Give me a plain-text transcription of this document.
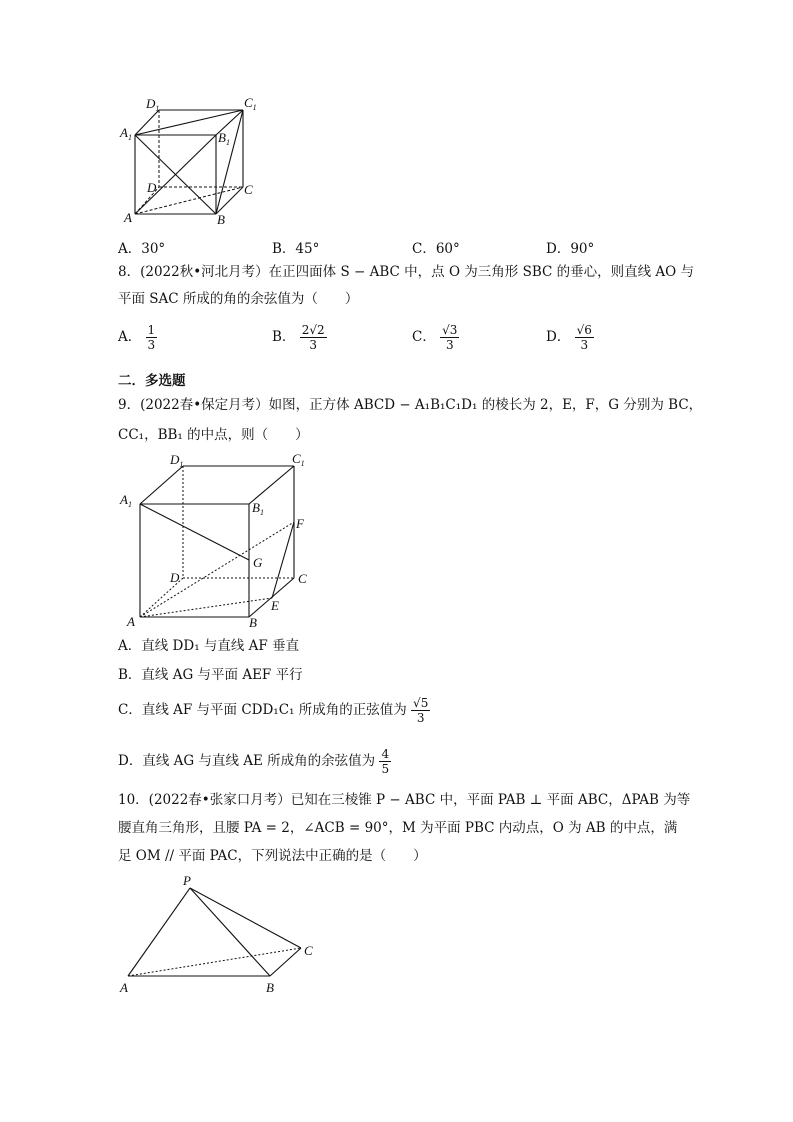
$D_1$	$C_1$
$A_1$	$B_1$
D	C
A	B
A．30°	B．45°	C．60°	D．90°
8．(2022秋•河北月考）在正四面体 S − ABC 中，点 O 为三角形 SBC 的垂心，则直线 AO 与
平面 SAC 所成的角的余弦值为（　　）
A． $\frac{1}{3}$	B． $\frac{2√2}{3}$	C． $\frac{√3}{3}$	D． $\frac{√6}{3}$
二．多选题
9．(2022春•保定月考）如图，正方体 ABCD − A₁B₁C₁D₁ 的棱长为 2，E，F，G 分别为 BC，
CC₁，BB₁ 的中点，则（　　）
$D_1$	$C_1$
$A_1$	$B_1$
F
G
D	C
E
A	B
A．直线 DD₁ 与直线 AF 垂直
B．直线 AG 与平面 AEF 平行
C．直线 AF 与平面 CDD₁C₁ 所成角的正弦值为 $\frac{√5}{3}$
D．直线 AG 与直线 AE 所成角的余弦值为 $\frac{4}{5}$
10．(2022春•张家口月考）已知在三棱锥 P − ABC 中，平面 PAB ⊥ 平面 ABC，ΔPAB 为等
腰直角三角形，且腰 PA = 2，∠ACB = 90°，M 为平面 PBC 内动点，O 为 AB 的中点，满
足 OM // 平面 PAC，下列说法中正确的是（　　）
P
C
A	B
